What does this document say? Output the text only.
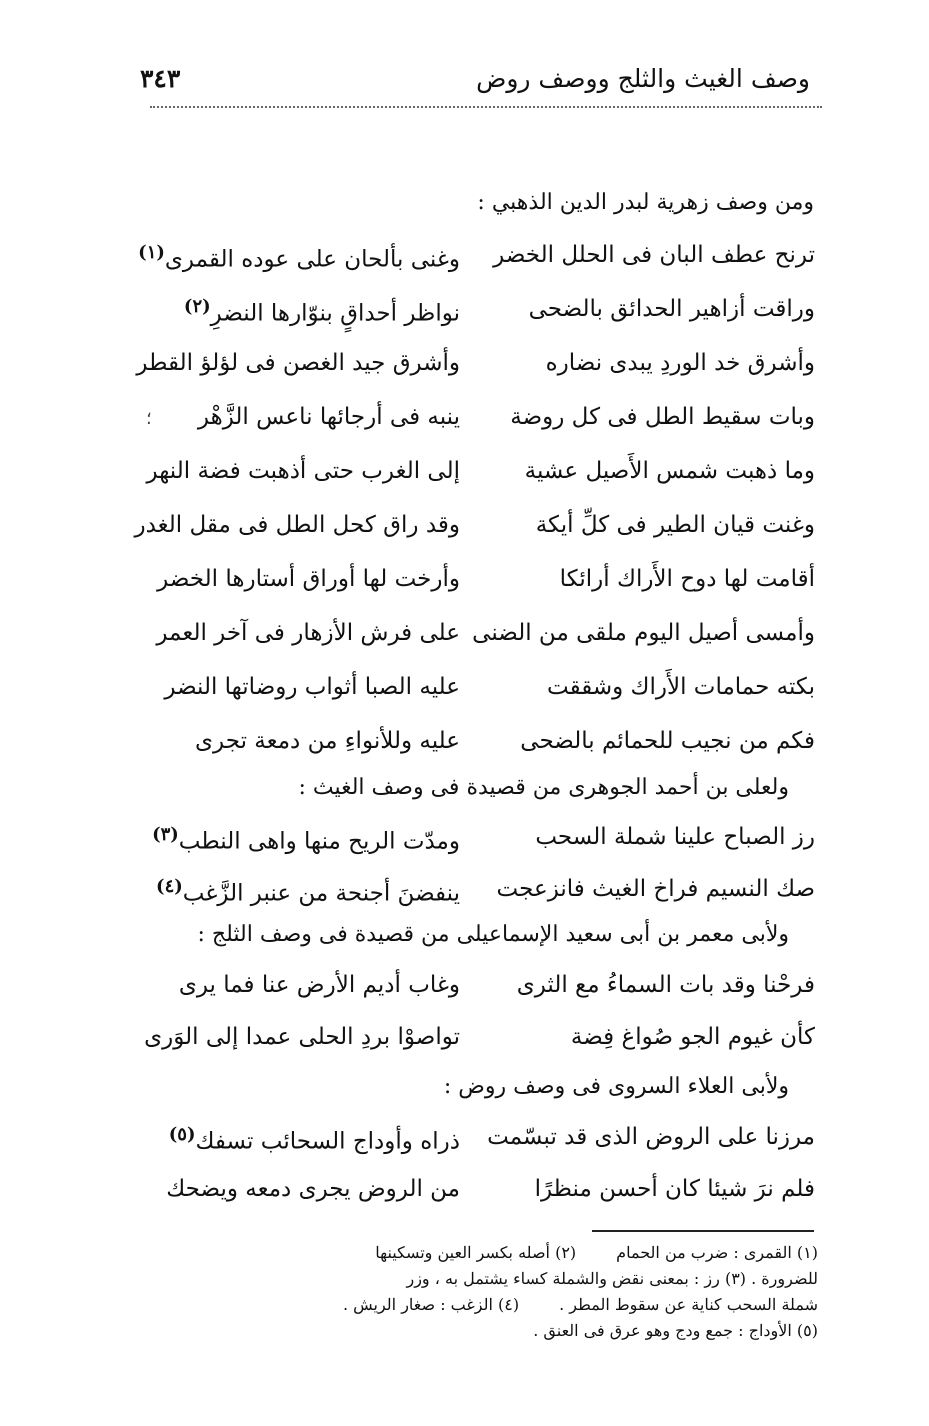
وصف الغيث والثلج ووصف روض
٣٤٣
ومن وصف زهرية لبدر الدين الذهبي :
ترنح عطف البان فى الحلل الخضر
وغنى بألحان على عوده القمرى$^{(١)}$
وراقت أزاهير الحدائق بالضحى
نواظر أحداقٍ بنوّارها النضرِ$^{(٢)}$
وأشرق خد الوردِ يبدى نضاره
وأشرق جيد الغصن فى لؤلؤ القطر
وبات سقيط الطل فى كل روضة
ينبه فى أرجائها ناعس الزَّهْر
وما ذهبت شمس الأَصيل عشية
إلى الغرب حتى أذهبت فضة النهر
وغنت قيان الطير فى كلِّ أيكة
وقد راق كحل الطل فى مقل الغدر
أقامت لها دوح الأَراك أرائكا
وأرخت لها أوراق أستارها الخضر
وأمسى أصيل اليوم ملقى من الضنى
على فرش الأزهار فى آخر العمر
بكته حمامات الأَراك وشققت
عليه الصبا أثواب روضاتها النضر
فكم من نجيب للحمائم بالضحى
عليه وللأنواءِ من دمعة تجرى
ولعلى بن أحمد الجوهرى من قصيدة فى وصف الغيث :
رز الصباح علينا شملة السحب
ومدّت الريح منها واهى النطب$^{(٣)}$
صك النسيم فراخ الغيث فانزعجت
ينفضنَ أجنحة من عنبر الزَّغب$^{(٤)}$
ولأبى معمر بن أبى سعيد الإسماعيلى من قصيدة فى وصف الثلج :
فرحْنا وقد بات السماءُ مع الثرى
وغاب أديم الأرض عنا فما يرى
كأن غيوم الجو صُواغ فِضة
تواصوْا بردِ الحلى عمدا إلى الوَرى
ولأبى العلاء السروى فى وصف روض :
مرزنا على الروض الذى قد تبسّمت
ذراه وأوداج السحائب تسفك$^{(٥)}$
فلم نرَ شيئا كان أحسن منظرًا
من الروض يجرى دمعه ويضحك
(١) القمرى : ضرب من الحمام(٢) أصله بكسر العين وتسكينها
للضرورة . (٣) رز : بمعنى نقض والشملة كساء يشتمل به ، وزر
شملة السحب كناية عن سقوط المطر .(٤) الزغب : صغار الريش .
(٥) الأوداج : جمع ودج وهو عرق فى العنق .
؛
